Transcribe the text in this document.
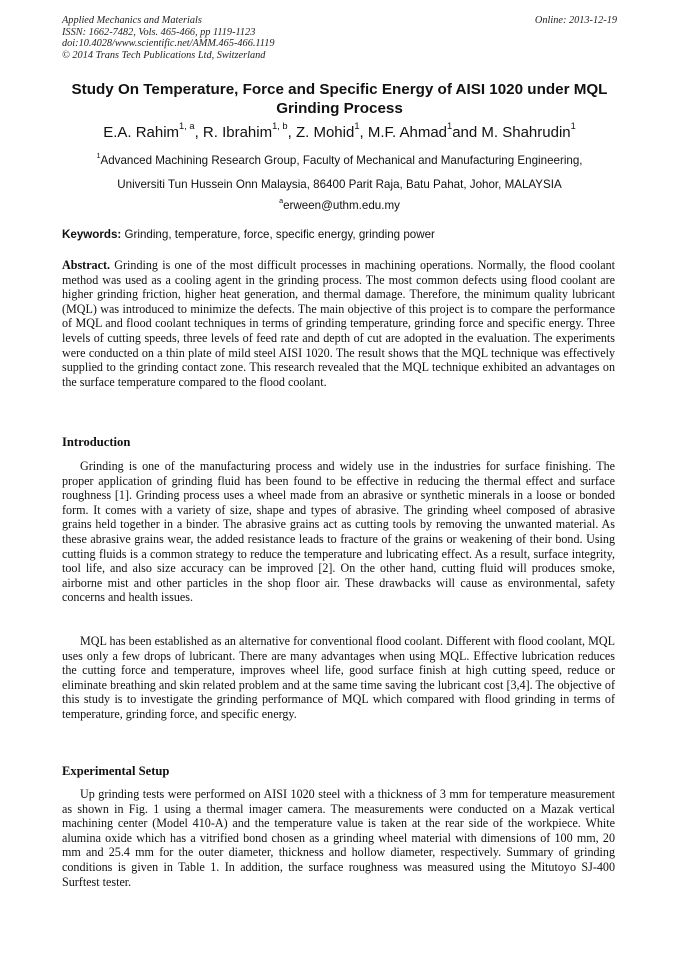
Applied Mechanics and Materials
ISSN: 1662-7482, Vols. 465-466, pp 1119-1123
doi:10.4028/www.scientific.net/AMM.465-466.1119
© 2014 Trans Tech Publications Ltd, Switzerland
Online: 2013-12-19
Study On Temperature, Force and Specific Energy of AISI 1020 under MQL Grinding Process
E.A. Rahim$^{1, a}$, R. Ibrahim$^{1, b}$, Z. Mohid$^1$, M.F. Ahmad$^1$and M. Shahrudin$^1$
$^1$Advanced Machining Research Group, Faculty of Mechanical and Manufacturing Engineering,
Universiti Tun Hussein Onn Malaysia, 86400 Parit Raja, Batu Pahat, Johor, MALAYSIA
$^a$erween@uthm.edu.my
Keywords: Grinding, temperature, force, specific energy, grinding power
Abstract. Grinding is one of the most difficult processes in machining operations. Normally, the flood coolant method was used as a cooling agent in the grinding process. The most common defects using flood coolant are higher grinding friction, higher heat generation, and thermal damage. Therefore, the minimum quality lubricant (MQL) was introduced to minimize the defects. The main objective of this project is to compare the performance of MQL and flood coolant techniques in terms of grinding temperature, grinding force and specific energy. Three levels of cutting speeds, three levels of feed rate and depth of cut are adopted in the evaluation. The experiments were conducted on a thin plate of mild steel AISI 1020. The result shows that the MQL technique was effectively supplied to the grinding contact zone. This research revealed that the MQL technique exhibited an advantages on the surface temperature compared to the flood coolant.
Introduction
Grinding is one of the manufacturing process and widely use in the industries for surface finishing. The proper application of grinding fluid has been found to be effective in reducing the thermal effect and surface roughness [1]. Grinding process uses a wheel made from an abrasive or synthetic minerals in a loose or bonded form. It comes with a variety of size, shape and types of abrasive. The grinding wheel composed of abrasive grains held together in a binder. The abrasive grains act as cutting tools by removing the unwanted material. As these abrasive grains wear, the added resistance leads to fracture of the grains or weakening of their bond. Using cutting fluids is a common strategy to reduce the temperature and lubricating effect. As a result, surface integrity, tool life, and also size accuracy can be improved [2]. On the other hand, cutting fluid will produces smoke, airborne mist and other particles in the shop floor air. These drawbacks will cause as environmental, safety concerns and health issues.
MQL has been established as an alternative for conventional flood coolant. Different with flood coolant, MQL uses only a few drops of lubricant. There are many advantages when using MQL. Effective lubrication reduces the cutting force and temperature, improves wheel life, good surface finish at high cutting speed, reduce or eliminate breathing and skin related problem and at the same time saving the lubricant cost [3,4]. The objective of this study is to investigate the grinding performance of MQL which compared with flood grinding in terms of temperature, grinding force, and specific energy.
Experimental Setup
Up grinding tests were performed on AISI 1020 steel with a thickness of 3 mm for temperature measurement as shown in Fig. 1 using a thermal imager camera. The measurements were conducted on a Mazak vertical machining center (Model 410-A) and the temperature value is taken at the rear side of the workpiece. White alumina oxide which has a vitrified bond chosen as a grinding wheel material with dimensions of 100 mm, 20 mm and 25.4 mm for the outer diameter, thickness and hollow diameter, respectively. Summary of grinding conditions is given in Table 1. In addition, the surface roughness was measured using the Mitutoyo SJ-400 Surftest tester.
